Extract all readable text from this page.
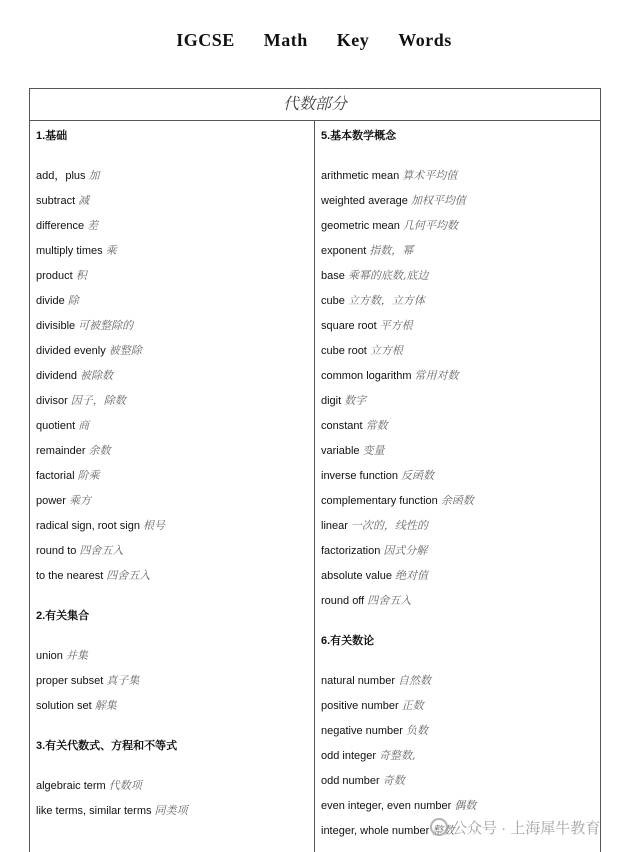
IGCSE Math Key Words
代数部分
1.基础
add，plus 加
subtract 减
difference 差
multiply times 乘
product 积
divide 除
divisible 可被整除的
divided evenly 被整除
dividend 被除数
divisor 因子，除数
quotient 商
remainder 余数
factorial 阶乘
power 乘方
radical sign, root sign 根号
round to 四舍五入
to the nearest 四舍五入
2.有关集合
union 并集
proper subset 真子集
solution set 解集
3.有关代数式、方程和不等式
algebraic term 代数项
like terms, similar terms 同类项
5.基本数学概念
arithmetic mean 算术平均值
weighted average 加权平均值
geometric mean 几何平均数
exponent 指数，幂
base 乘幂的底数,底边
cube 立方数，立方体
square root 平方根
cube root 立方根
common logarithm 常用对数
digit 数字
constant 常数
variable 变量
inverse function 反函数
complementary function 余函数
linear 一次的，线性的
factorization 因式分解
absolute value 绝对值
round off 四舍五入
6.有关数论
natural number 自然数
positive number 正数
negative number 负数
odd integer 奇整数,
odd number 奇数
even integer, even number 偶数
integer, whole number 整数
公众号 · 上海犀牛教育
